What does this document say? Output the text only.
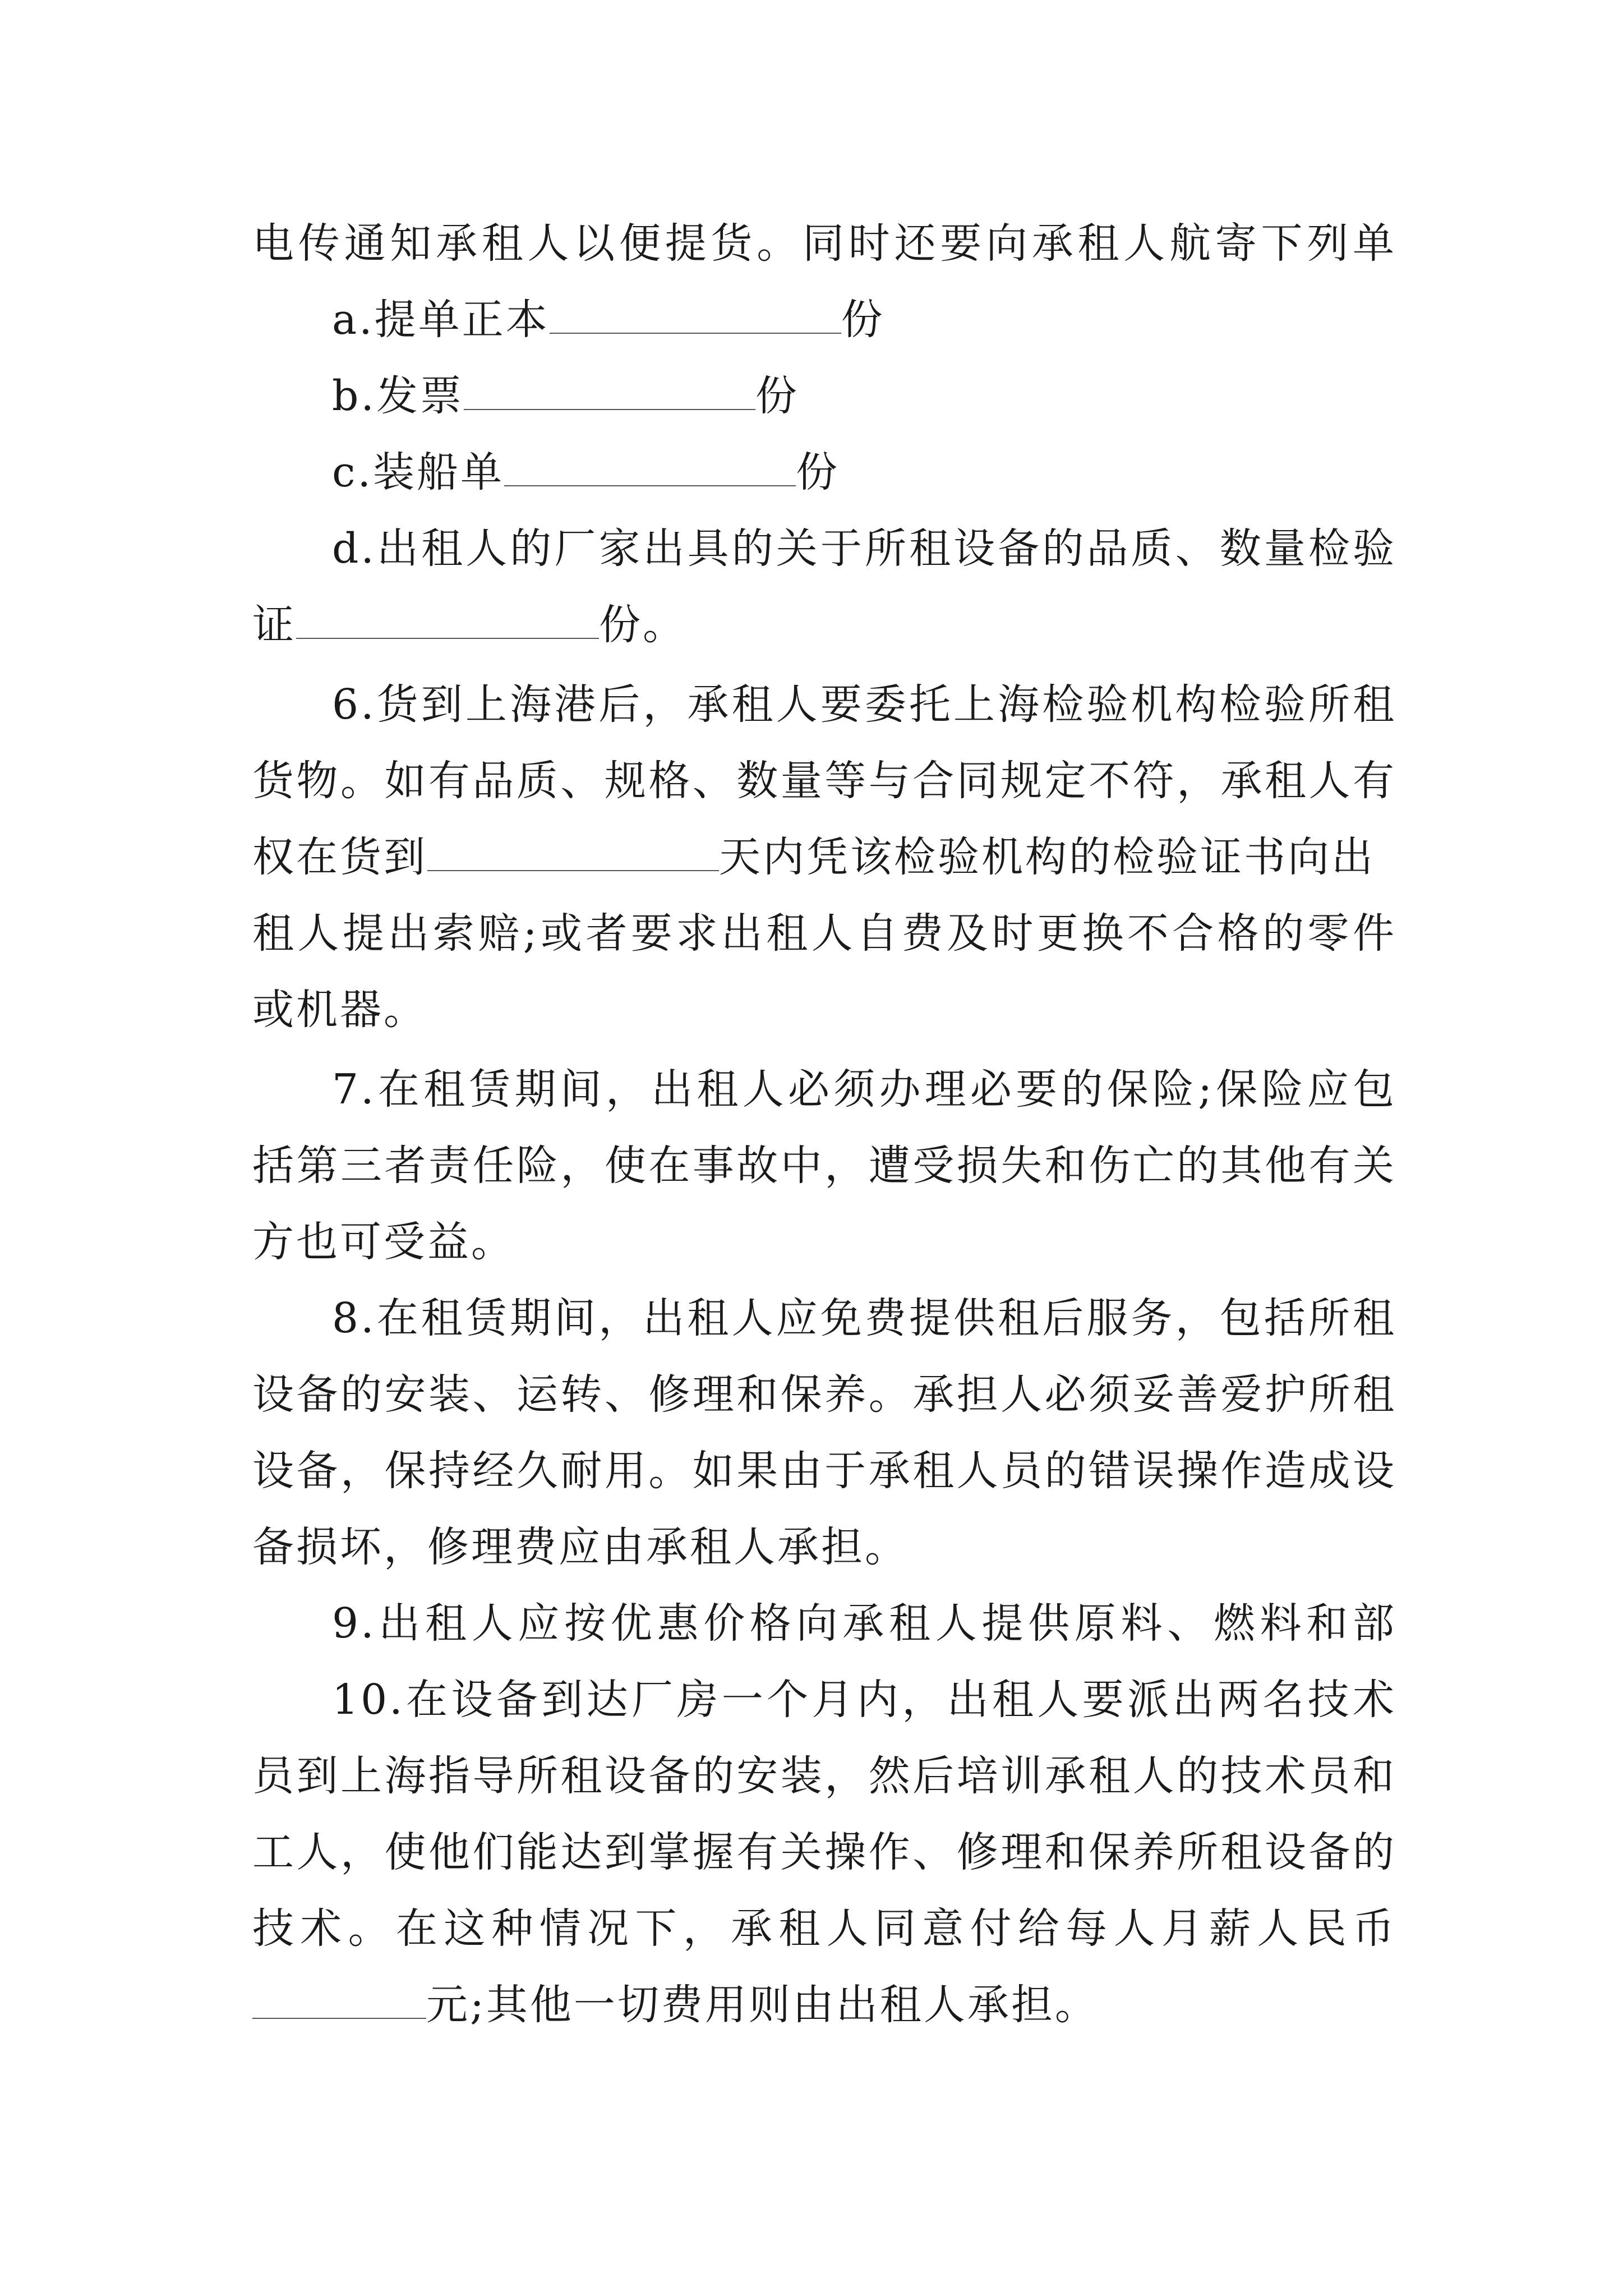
电传通知承租人以便提货。同时还要向承租人航寄下列单
a.提单正本	份
b.发票	份
c.装船单	份
d.出租人的厂家出具的关于所租设备的品质、数量检验
证	份。
6.货到上海港后，承租人要委托上海检验机构检验所租
货物。如有品质、规格、数量等与合同规定不符，承租人有
权在货到	天内凭该检验机构的检验证书向出
租人提出索赔;或者要求出租人自费及时更换不合格的零件
或机器。
7.在租赁期间，出租人必须办理必要的保险;保险应包
括第三者责任险，使在事故中，遭受损失和伤亡的其他有关
方也可受益。
8.在租赁期间，出租人应免费提供租后服务，包括所租
设备的安装、运转、修理和保养。承担人必须妥善爱护所租
设备，保持经久耐用。如果由于承租人员的错误操作造成设
备损坏，修理费应由承租人承担。
9.出租人应按优惠价格向承租人提供原料、燃料和部
10.在设备到达厂房一个月内，出租人要派出两名技术
员到上海指导所租设备的安装，然后培训承租人的技术员和
工人，使他们能达到掌握有关操作、修理和保养所租设备的
技术。在这种情况下，承租人同意付给每人月薪人民币
元;其他一切费用则由出租人承担。
